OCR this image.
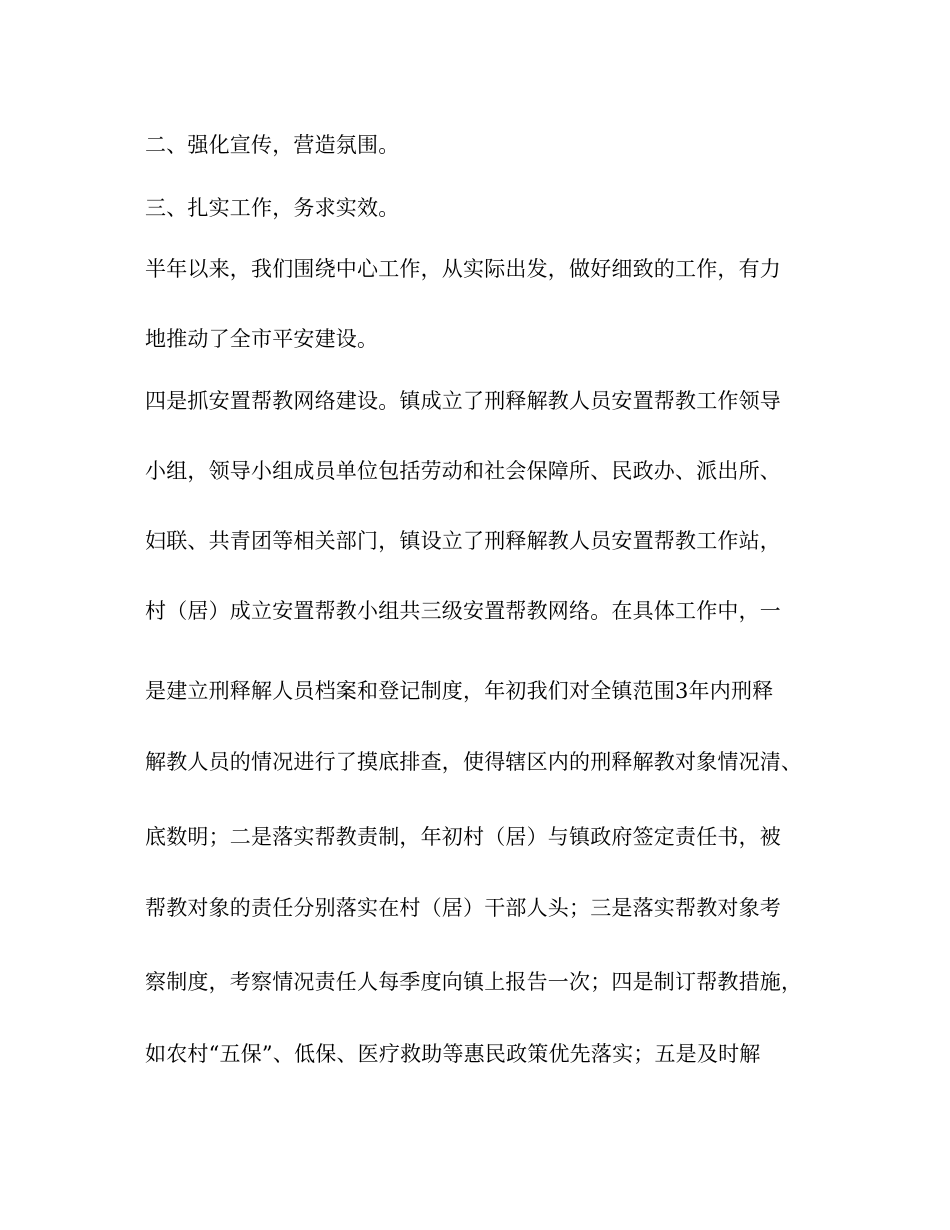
二、强化宣传，营造氛围。
三、扎实工作，务求实效。
半年以来，我们围绕中心工作，从实际出发，做好细致的工作，有力
地推动了全市平安建设。
四是抓安置帮教网络建设。镇成立了刑释解教人员安置帮教工作领导
小组，领导小组成员单位包括劳动和社会保障所、民政办、派出所、
妇联、共青团等相关部门，镇设立了刑释解教人员安置帮教工作站，
村（居）成立安置帮教小组共三级安置帮教网络。在具体工作中，一
是建立刑释解人员档案和登记制度，年初我们对全镇范围3年内刑释
解教人员的情况进行了摸底排查，使得辖区内的刑释解教对象情况清、
底数明；二是落实帮教责制，年初村（居）与镇政府签定责任书，被
帮教对象的责任分别落实在村（居）干部人头；三是落实帮教对象考
察制度，考察情况责任人每季度向镇上报告一次；四是制订帮教措施，
如农村“五保”、低保、医疗救助等惠民政策优先落实；五是及时解
